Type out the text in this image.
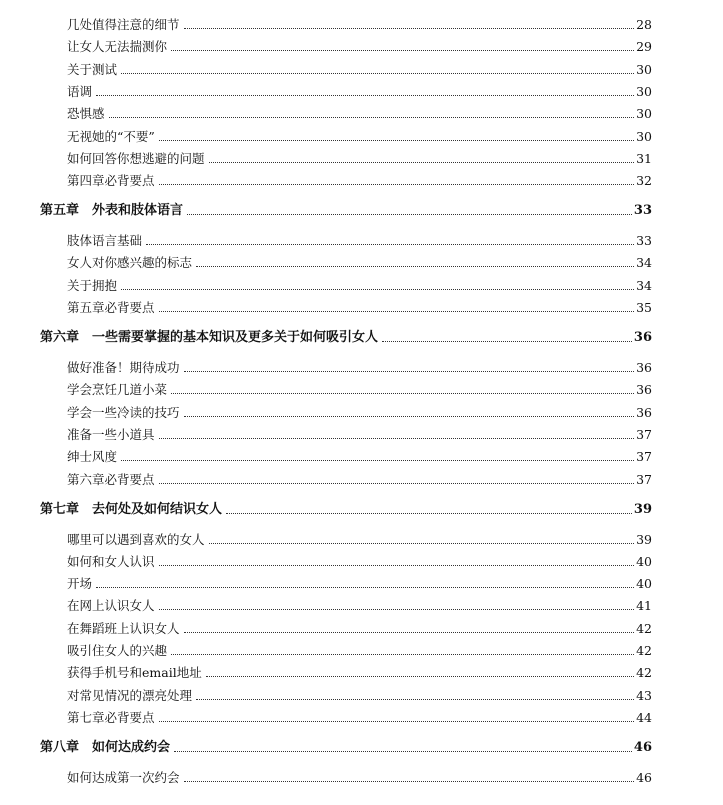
几处值得注意的细节	28
让女人无法揣测你	29
关于测试	30
语调	30
恐惧感	30
无视她的“不要”	30
如何回答你想逃避的问题	31
第四章必背要点	32
第五章　外表和肢体语言	33
肢体语言基础	33
女人对你感兴趣的标志	34
关于拥抱	34
第五章必背要点	35
第六章　一些需要掌握的基本知识及更多关于如何吸引女人	36
做好准备！期待成功	36
学会烹饪几道小菜	36
学会一些冷读的技巧	36
准备一些小道具	37
绅士风度	37
第六章必背要点	37
第七章　去何处及如何结识女人	39
哪里可以遇到喜欢的女人	39
如何和女人认识	40
开场	40
在网上认识女人	41
在舞蹈班上认识女人	42
吸引住女人的兴趣	42
获得手机号和email地址	42
对常见情况的漂亮处理	43
第七章必背要点	44
第八章　如何达成约会	46
如何达成第一次约会	46
